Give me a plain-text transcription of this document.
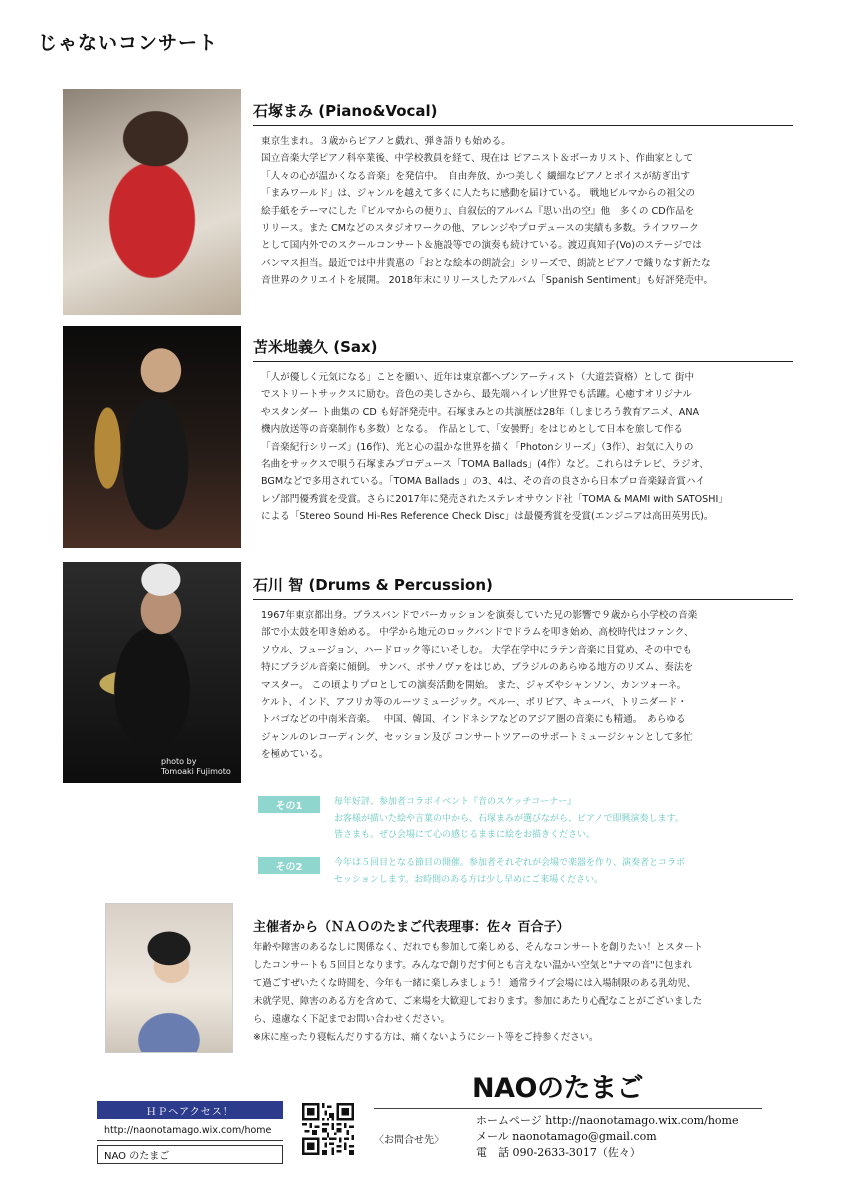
じゃないコンサート
石塚まみ (Piano&Vocal)
東京生まれ。３歳からピアノと戯れ、弾き語りも始める。
国立音楽大学ピアノ科卒業後、中学校教員を経て、現在は ピアニスト＆ボーカリスト、作曲家として
「人々の心が温かくなる音楽」を発信中。　自由奔放、かつ美しく 繊細なピアノとボイスが紡ぎ出す
「まみワールド」は、ジャンルを越えて多くに人たちに感動を届けている。 戦地ビルマからの祖父の
絵手紙をテーマにした『ビルマからの便り』、自叙伝的アルバム『思い出の空』他　多くの CD作品を
リリース。また CMなどのスタジオワークの他、アレンジやプロデュースの実績も多数。ライフワーク
として国内外でのスクールコンサート＆施設等での演奏も続けている。渡辺真知子(Vo)のステージでは
バンマス担当。最近では中井貴惠の「おとな絵本の朗読会」シリーズで、朗読とピアノで織りなす新たな
音世界のクリエイトを展開。 2018年末にリリースしたアルバム「Spanish Sentiment」も好評発売中。
苫米地義久 (Sax)
「人が優しく元気になる」ことを願い、近年は東京都ヘブンアーティスト（大道芸資格）として 街中
でストリートサックスに励む。音色の美しさから、最先端ハイレゾ世界でも活躍。心癒すオリジナル
やスタンダー ト曲集の CD も好評発売中。石塚まみとの共演歴は28年（しまじろう教育アニメ、ANA
機内放送等の音楽制作も多数）となる。　作品として、「安曇野」をはじめとして日本を旅して作る
「音楽紀行シリーズ」(16作)、光と心の温かな世界を描く「Photonシリーズ」（3作）、お気に入りの
名曲をサックスで唄う石塚まみプロデュース「TOMA Ballads」(4作）など。これらはテレビ、ラジオ、
BGMなどで多用されている。「TOMA Ballads 」の3、4は、その音の良さから日本プロ音楽録音賞ハイ
レゾ部門優秀賞を受賞。さらに2017年に発売されたステレオサウンド社「TOMA & MAMI with SATOSHI」
による「Stereo Sound Hi-Res Reference Check Disc」は最優秀賞を受賞(エンジニアは高田英男氏)。
photo by
Tomoaki Fujimoto
石川 智 (Drums & Percussion)
1967年東京都出身。ブラスバンドでパーカッションを演奏していた兄の影響で９歳から小学校の音楽
部で小太鼓を叩き始める。 中学から地元のロックバンドでドラムを叩き始め、高校時代はファンク、
ソウル、フュージョン、ハードロック等にいそしむ。 大学在学中にラテン音楽に目覚め、その中でも
特にブラジル音楽に傾倒。 サンバ、ボサノヴァをはじめ、ブラジルのあらゆる地方のリズム、奏法を
マスター。 この頃よりプロとしての演奏活動を開始。 また、ジャズやシャンソン、カンツォーネ。
ケルト、インド、アフリカ等のルーツミュージック。ペルー、ボリビア、キューバ、トリニダード・
トバゴなどの中南米音楽。　 中国、韓国、インドネシアなどのアジア圏の音楽にも精通。　あらゆる
ジャンルのレコーディング、セッション及び コンサートツアーのサポートミュージシャンとして多忙
を極めている。
その1	毎年好評、参加者コラボイベント『音のスケッチコーナー』
お客様が描いた絵や言葉の中から、石塚まみが選びながら、ピアノで即興演奏します。
皆さまも、ぜひ会場にて心の感じるままに絵をお描きください。
その2	今年は５回目となる節目の開催。参加者それぞれが会場で楽器を作り、演奏者とコラボ
セッションします。お時間のある方は少し早めにご来場ください。
主催者から（ＮＡＯのたまご代表理事：佐々 百合子）
年齢や障害のあるなしに関係なく、だれでも参加して楽しめる、そんなコンサートを創りたい！とスタート
したコンサートも５回目となります。みんなで創りだす何とも言えない温かい空気と"ナマの音"に包まれ
て過ごすぜいたくな時間を、今年も一緒に楽しみましょう！ 通常ライブ会場には入場制限のある乳幼児、
未就学児、障害のある方を含めて、ご来場を大歓迎しております。参加にあたり心配なことがございました
ら、遠慮なく下記までお問い合わせください。
※床に座ったり寝転んだりする方は、痛くないようにシート等をご持参ください。
NAOのたまご
ＨＰへアクセス！
http://naonotamago.wix.com/home
NAO のたまご
〈お問合せ先〉
ホームページ http://naonotamago.wix.com/home
メール naonotamago@gmail.com
電　話 090-2633-3017（佐々）
